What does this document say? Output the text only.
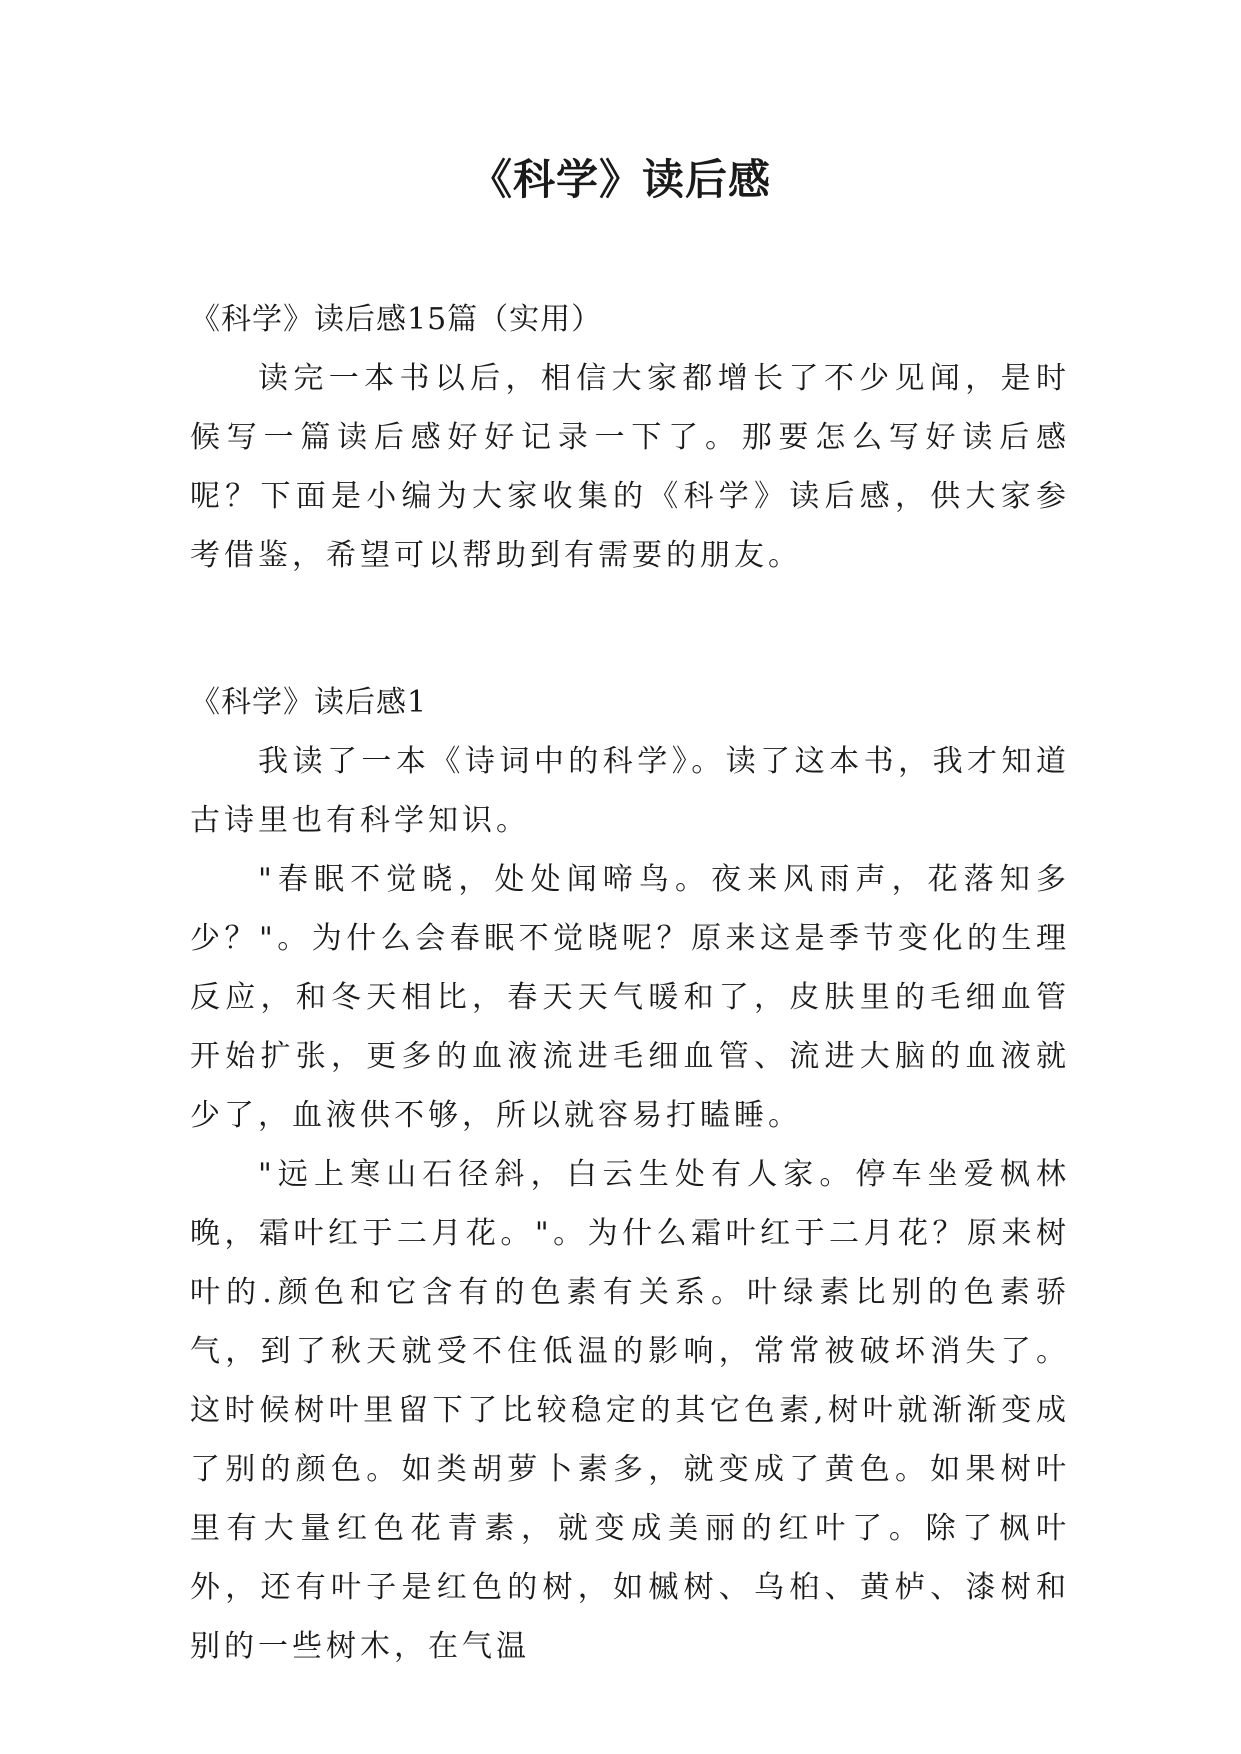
《科学》读后感

《科学》读后感15篇（实用）

读完一本书以后，相信大家都增长了不少见闻，是时候写一篇读后感好好记录一下了。那要怎么写好读后感呢？下面是小编为大家收集的《科学》读后感，供大家参考借鉴，希望可以帮助到有需要的朋友。

《科学》读后感1

我读了一本《诗词中的科学》。读了这本书，我才知道古诗里也有科学知识。

"春眠不觉晓，处处闻啼鸟。夜来风雨声，花落知多少？"。为什么会春眠不觉晓呢？原来这是季节变化的生理反应，和冬天相比，春天天气暖和了，皮肤里的毛细血管开始扩张，更多的血液流进毛细血管、流进大脑的血液就少了，血液供不够，所以就容易打瞌睡。

"远上寒山石径斜，白云生处有人家。停车坐爱枫林晚，霜叶红于二月花。"。为什么霜叶红于二月花？原来树叶的.颜色和它含有的色素有关系。叶绿素比别的色素骄气，到了秋天就受不住低温的影响，常常被破坏消失了。这时候树叶里留下了比较稳定的其它色素,树叶就渐渐变成了别的颜色。如类胡萝卜素多，就变成了黄色。如果树叶里有大量红色花青素，就变成美丽的红叶了。除了枫叶外，还有叶子是红色的树，如槭树、乌桕、黄栌、漆树和别的一些树木，在气温
